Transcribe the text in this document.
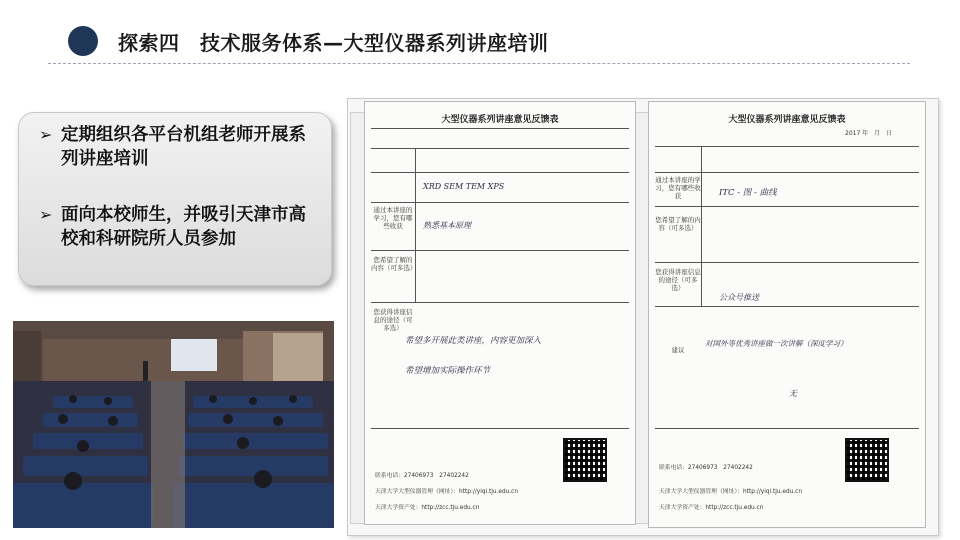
探索四　技术服务体系—大型仪器系列讲座培训
➢ 定期组织各平台机组老师开展系列讲座培训
➢ 面向本校师生，并吸引天津市高校和科研院所人员参加
大型仪器系列讲座意见反馈表
通过本讲座的学习，您有哪些收获
您希望了解的内容（可多选）
您获得讲座信息的途径（可多选）
XRD SEM TEM XPS
熟悉基本原理
希望多开展此类讲座，内容更加深入
希望增加实际操作环节
联系电话：27406973　27402242
天津大学大型仪器管理（网址）：http://yiqi.tju.edu.cn
天津大学资产处：http://zcc.tju.edu.cn
大型仪器系列讲座意见反馈表
2017 年　月　日
通过本讲座的学习，您有哪些收获
您希望了解的内容（可多选）
您获得讲座信息的途径（可多选）
建议
ITC - 图 - 曲线
公众号推送
对国外等优秀讲座做一次讲解（深度学习）
无
联系电话：27406973　27402242
天津大学大型仪器管理（网址）：http://yiqi.tju.edu.cn
天津大学资产处：http://zcc.tju.edu.cn
